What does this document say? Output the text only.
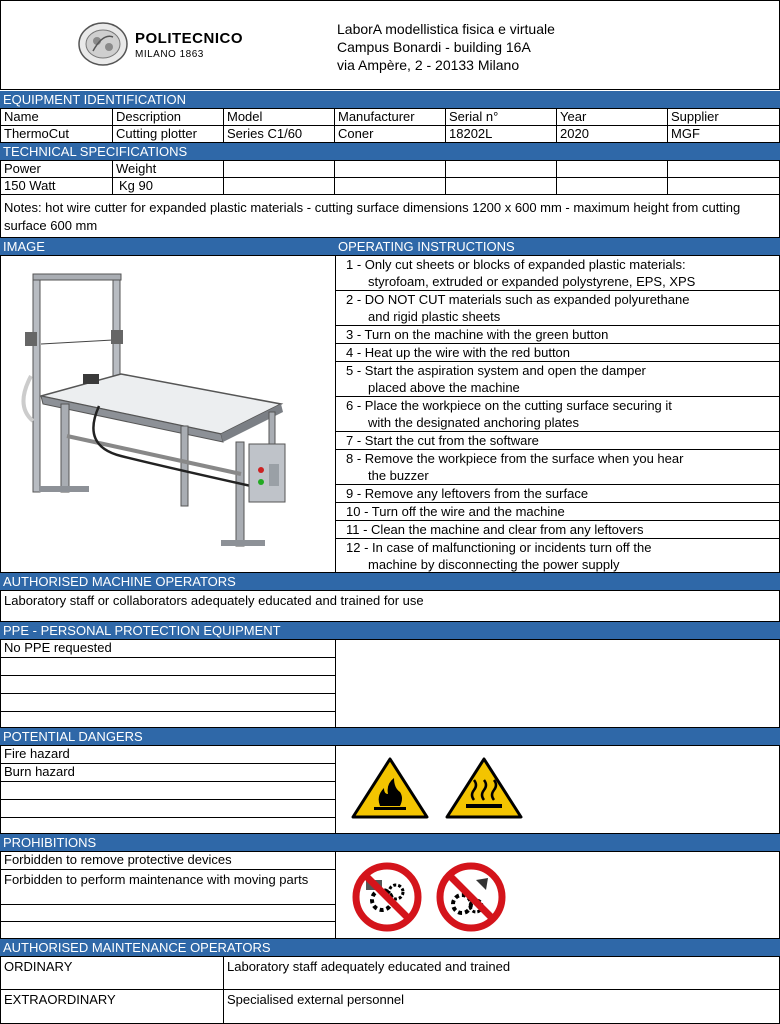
POLITECNICO
MILANO 1863
LaborA modellistica fisica e virtuale
Campus Bonardi - building 16A
via Ampère, 2 - 20133 Milano
EQUIPMENT IDENTIFICATION
Name	Description	Model	Manufacturer	Serial n°	Year	Supplier
ThermoCut	Cutting plotter	Series C1/60	Coner	18202L	2020	MGF
TECHNICAL SPECIFICATIONS
Power	Weight
150 Watt	Kg 90
Notes: hot wire cutter for expanded plastic materials - cutting surface dimensions 1200 x 600 mm - maximum height from cutting surface 600 mm
IMAGE	OPERATING INSTRUCTIONS
1 - Only cut sheets or blocks of expanded plastic materials:
styrofoam, extruded or expanded polystyrene, EPS, XPS
2 - DO NOT CUT materials such as expanded polyurethane
and rigid plastic sheets
3 - Turn on the machine with the green button
4 - Heat up the wire with the red button
5 - Start the aspiration system and open the damper
placed above the machine
6 - Place the workpiece on the cutting surface securing it
with the designated anchoring plates
7 - Start the cut from the software
8 - Remove the workpiece from the surface when you hear
the buzzer
9 - Remove any leftovers from the surface
10 - Turn off the wire and the machine
11 - Clean the machine and clear from any leftovers
12 - In case of malfunctioning or incidents turn off the
machine by disconnecting the power supply
AUTHORISED MACHINE OPERATORS
Laboratory staff or collaborators adequately educated and trained for use
PPE - PERSONAL PROTECTION EQUIPMENT
No PPE requested
POTENTIAL DANGERS
Fire hazard
Burn hazard
PROHIBITIONS
Forbidden to remove protective devices
Forbidden to perform maintenance with moving parts
AUTHORISED MAINTENANCE OPERATORS
ORDINARY	Laboratory staff adequately educated and trained
EXTRAORDINARY	Specialised external personnel
